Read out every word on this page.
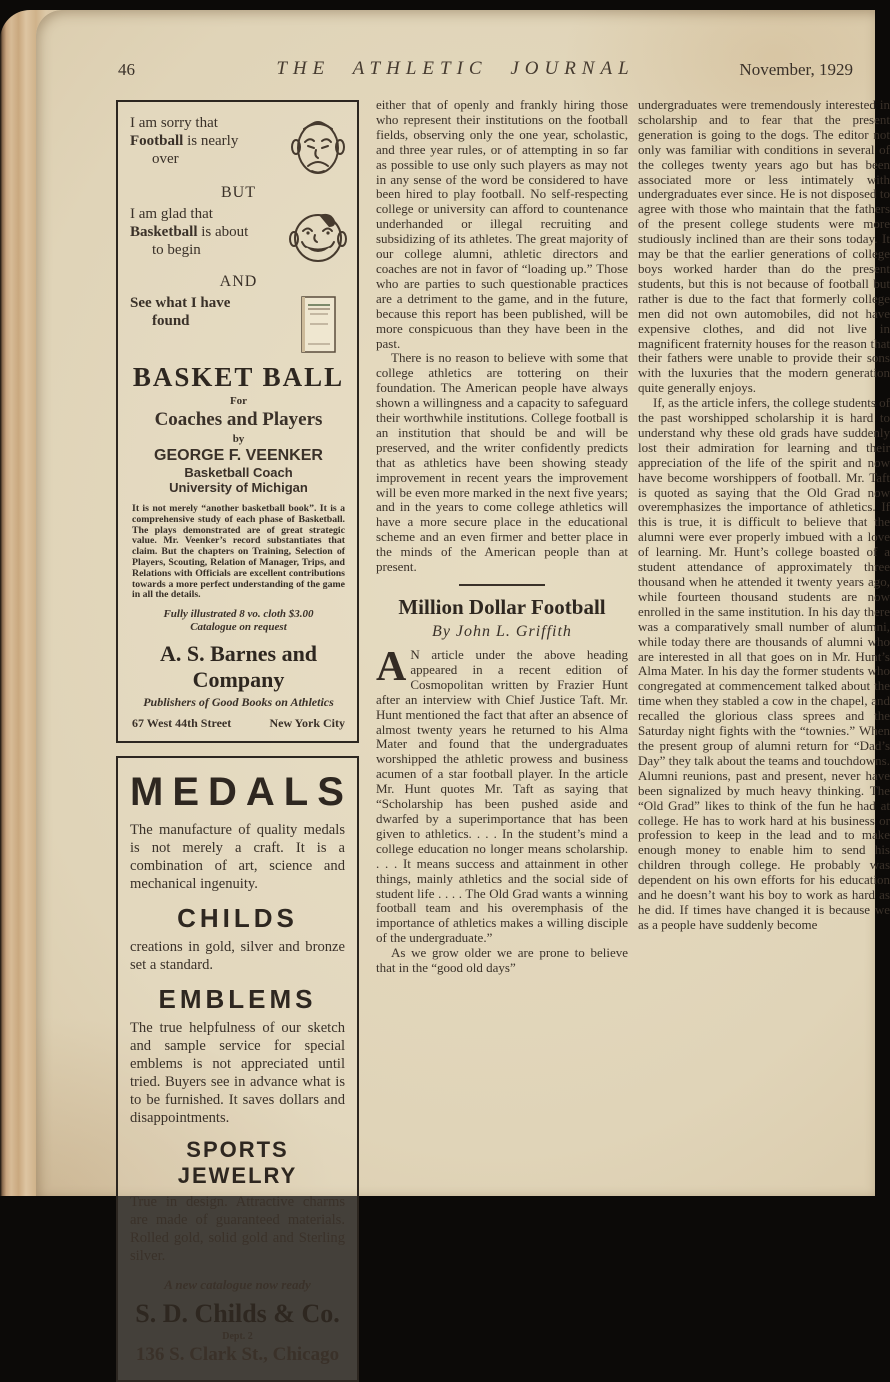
46	THE ATHLETIC JOURNAL	November, 1929
I am sorry that
Football is nearly
over
BUT
I am glad that
Basketball is about
to begin
AND
See what I have
found
BASKET BALL
For
Coaches and Players
by
GEORGE F. VEENKER
Basketball Coach
University of Michigan

It is not merely “another basketball book”. It is a comprehensive study of each phase of Basketball. The plays demonstrated are of great strategic value. Mr. Veenker’s record substantiates that claim. But the chapters on Training, Selection of Players, Scouting, Relation of Manager, Trips, and Relations with Officials are excellent contributions towards a more perfect understanding of the game in all the details.

Fully illustrated 8 vo. cloth $3.00
Catalogue on request
A. S. Barnes and Company
Publishers of Good Books on Athletics
67 West 44th Street	New York City
MEDALS

The manufacture of quality medals is not merely a craft. It is a combination of art, science and mechanical ingenuity.

CHILDS

creations in gold, silver and bronze set a standard.

EMBLEMS

The true helpfulness of our sketch and sample service for special emblems is not appreciated until tried. Buyers see in advance what is to be furnished. It saves dollars and disappointments.

SPORTS JEWELRY

True in design. Attractive charms are made of guaranteed materials. Rolled gold, solid gold and Sterling silver.

A new catalogue now ready
S. D. Childs & Co.
Dept. 2
136 S. Clark St., Chicago

either that of openly and frankly hiring those who represent their institutions on the football fields, observing only the one year, scholastic, and three year rules, or of attempting in so far as possible to use only such players as may not in any sense of the word be considered to have been hired to play football. No self-respecting college or university can afford to countenance underhanded or illegal recruiting and subsidizing of its athletes. The great majority of our college alumni, athletic directors and coaches are not in favor of “loading up.” Those who are parties to such questionable practices are a detriment to the game, and in the future, because this report has been published, will be more conspicuous than they have been in the past.

There is no reason to believe with some that college athletics are tottering on their foundation. The American people have always shown a willingness and a capacity to safeguard their worthwhile institutions. College football is an institution that should be and will be preserved, and the writer confidently predicts that as athletics have been showing steady improvement in recent years the improvement will be even more marked in the next five years; and in the years to come college athletics will have a more secure place in the educational scheme and an even firmer and better place in the minds of the American people than at present.

Million Dollar Football
By John L. Griffith

A N article under the above heading appeared in a recent edition of Cosmopolitan written by Frazier Hunt after an interview with Chief Justice Taft. Mr. Hunt mentioned the fact that after an absence of almost twenty years he returned to his Alma Mater and found that the undergraduates worshipped the athletic prowess and business acumen of a star football player. In the article Mr. Hunt quotes Mr. Taft as saying that “Scholarship has been pushed aside and dwarfed by a superimportance that has been given to athletics. . . . In the student’s mind a college education no longer means scholarship. . . . It means success and attainment in other things, mainly athletics and the social side of student life . . . . The Old Grad wants a winning football team and his overemphasis of the importance of athletics makes a willing disciple of the undergraduate.”

As we grow older we are prone to believe that in the “good old days”

undergraduates were tremendously interested in scholarship and to fear that the present generation is going to the dogs. The editor not only was familiar with conditions in several of the colleges twenty years ago but has been associated more or less intimately with undergraduates ever since. He is not disposed to agree with those who maintain that the fathers of the present college students were more studiously inclined than are their sons today. It may be that the earlier generations of college boys worked harder than do the present students, but this is not because of football but rather is due to the fact that formerly college men did not own automobiles, did not have expensive clothes, and did not live in magnificent fraternity houses for the reason that their fathers were unable to provide their sons with the luxuries that the modern generation quite generally enjoys.

If, as the article infers, the college students of the past worshipped scholarship it is hard to understand why these old grads have suddenly lost their admiration for learning and their appreciation of the life of the spirit and now have become worshippers of football. Mr. Taft is quoted as saying that the Old Grad now overemphasizes the importance of athletics. If this is true, it is difficult to believe that the alumni were ever properly imbued with a love of learning. Mr. Hunt’s college boasted of a student attendance of approximately three thousand when he attended it twenty years ago, while fourteen thousand students are now enrolled in the same institution. In his day there was a comparatively small number of alumni, while today there are thousands of alumni who are interested in all that goes on in Mr. Hunt’s Alma Mater. In his day the former students who congregated at commencement talked about the time when they stabled a cow in the chapel, and recalled the glorious class sprees and the Saturday night fights with the “townies.” When the present group of alumni return for “Dad’s Day” they talk about the teams and touchdowns. Alumni reunions, past and present, never have been signalized by much heavy thinking. The “Old Grad” likes to think of the fun he had at college. He has to work hard at his business or profession to keep in the lead and to make enough money to enable him to send his children through college. He probably was dependent on his own efforts for his education and he doesn’t want his boy to work as hard as he did. If times have changed it is because we as a people have suddenly become
